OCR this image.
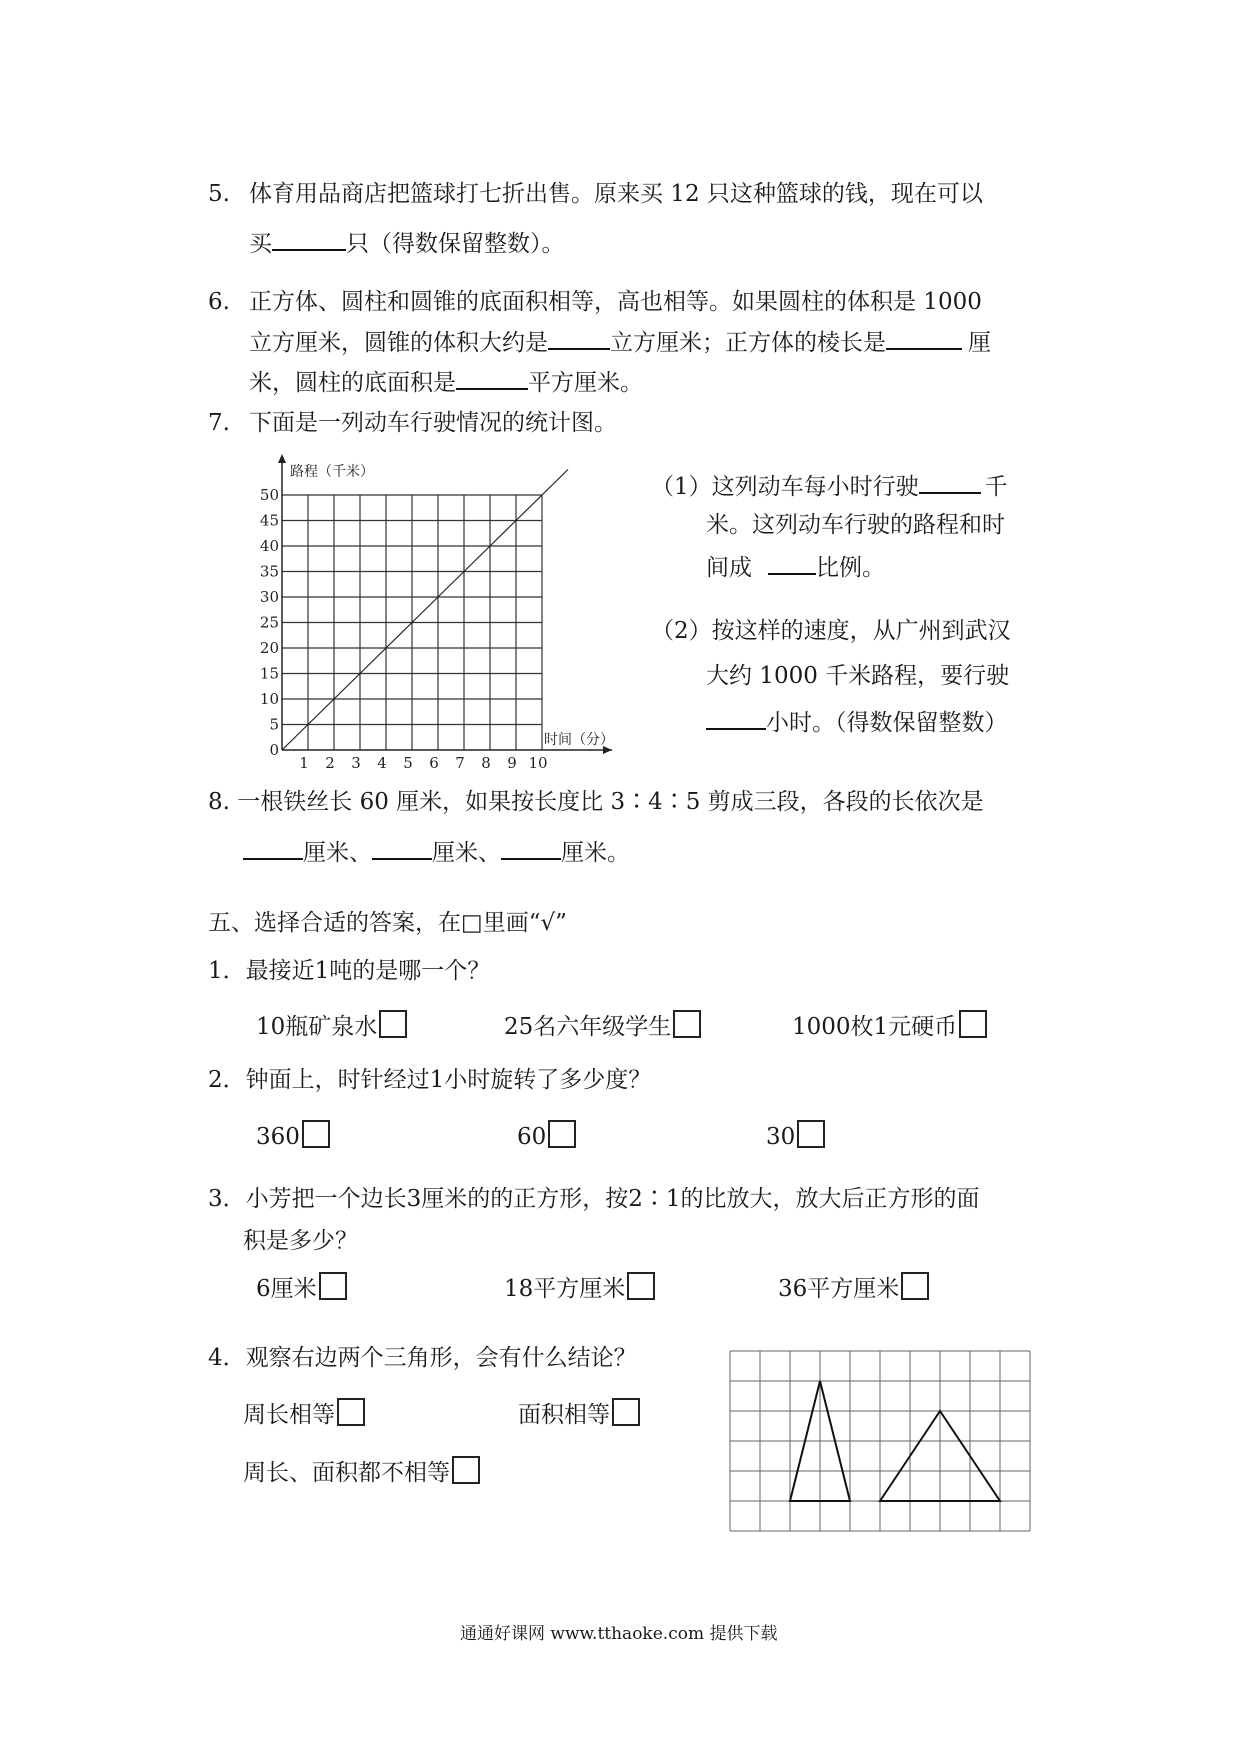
5. 体育用品商店把篮球打七折出售。原来买 12 只这种篮球的钱，现在可以
买	只（得数保留整数）。
6. 正方体、圆柱和圆锥的底面积相等，高也相等。如果圆柱的体积是 1000
立方厘米，圆锥的体积大约是	立方厘米；正方体的棱长是	厘
米，圆柱的底面积是	平方厘米。
7. 下面是一列动车行驶情况的统计图。
1 2 3 4 5 6 7 8 9 10
0
5
10
15
20
25
30
35
40
45
50
时间（分）
路程（千米）
（1）这列动车每小时行驶	千
米。这列动车行驶的路程和时
间成	比例。
（2）按这样的速度，从广州到武汉
大约 1000 千米路程，要行驶
小时。（得数保留整数）
8. 一根铁丝长 60 厘米，如果按长度比 3∶4∶5 剪成三段，各段的长依次是
厘米、	厘米、	厘米。
五、选择合适的答案，在□里画“√”
1．最接近1吨的是哪一个？
10瓶矿泉水	25名六年级学生	1000枚1元硬币
2．钟面上，时针经过1小时旋转了多少度？
360	60	30
3．小芳把一个边长3厘米的的正方形，按2∶1的比放大，放大后正方形的面
积是多少？
6厘米	18平方厘米	36平方厘米
4．观察右边两个三角形，会有什么结论？
周长相等	面积相等
周长、面积都不相等
通通好课网 www.tthaoke.com 提供下载
